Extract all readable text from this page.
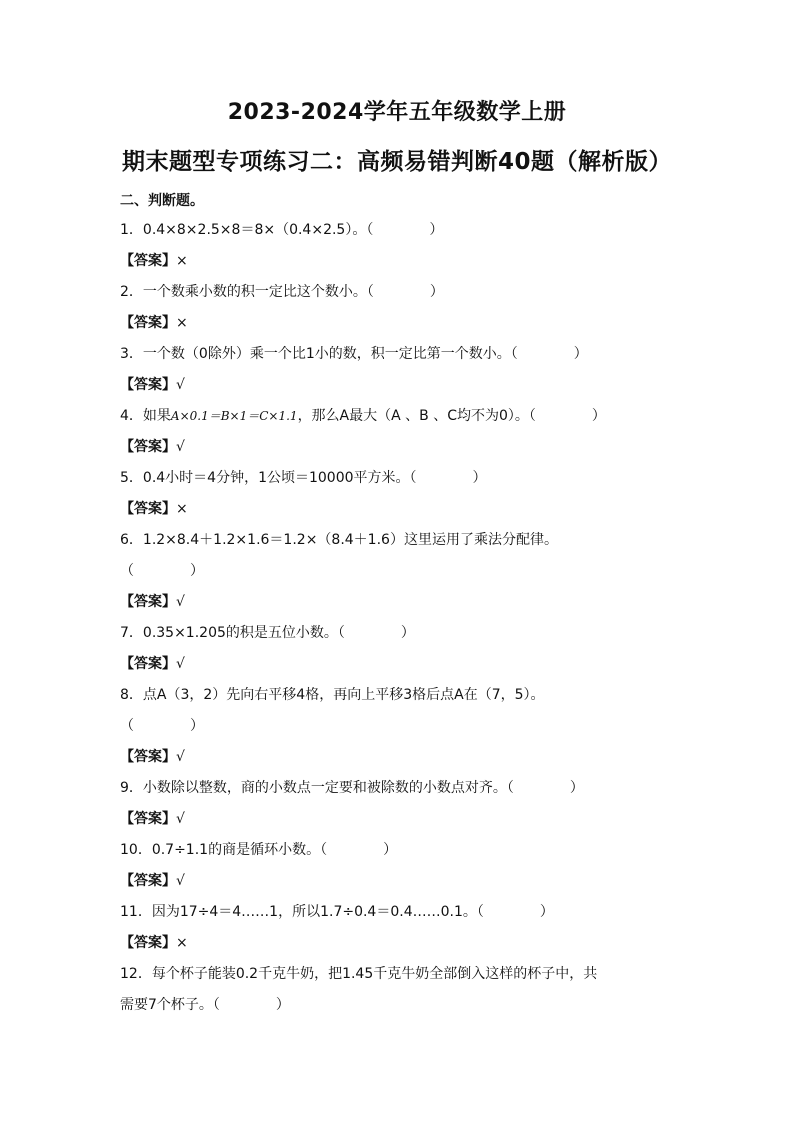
2023-2024学年五年级数学上册
期末题型专项练习二：高频易错判断40题（解析版）
二、判断题。
1．0.4×8×2.5×8＝8×（0.4×2.5）。（　　　　）
【答案】×
2．一个数乘小数的积一定比这个数小。（　　　　）
【答案】×
3．一个数（0除外）乘一个比1小的数，积一定比第一个数小。（　　　　）
【答案】√
4．如果A×0.1＝B×1＝C×1.1，那么A最大（A 、B 、C均不为0）。（　　　　）
【答案】√
5．0.4小时＝4分钟，1公顷＝10000平方米。（　　　　）
【答案】×
6．1.2×8.4＋1.2×1.6＝1.2×（8.4＋1.6）这里运用了乘法分配律。
（　　　　）
【答案】√
7．0.35×1.205的积是五位小数。（　　　　）
【答案】√
8．点A（3，2）先向右平移4格，再向上平移3格后点A在（7，5）。
（　　　　）
【答案】√
9．小数除以整数，商的小数点一定要和被除数的小数点对齐。（　　　　）
【答案】√
10．0.7÷1.1的商是循环小数。（　　　　）
【答案】√
11．因为17÷4＝4……1，所以1.7÷0.4＝0.4……0.1。（　　　　）
【答案】×
12．每个杯子能装0.2千克牛奶，把1.45千克牛奶全部倒入这样的杯子中，共
需要7个杯子。（　　　　）
